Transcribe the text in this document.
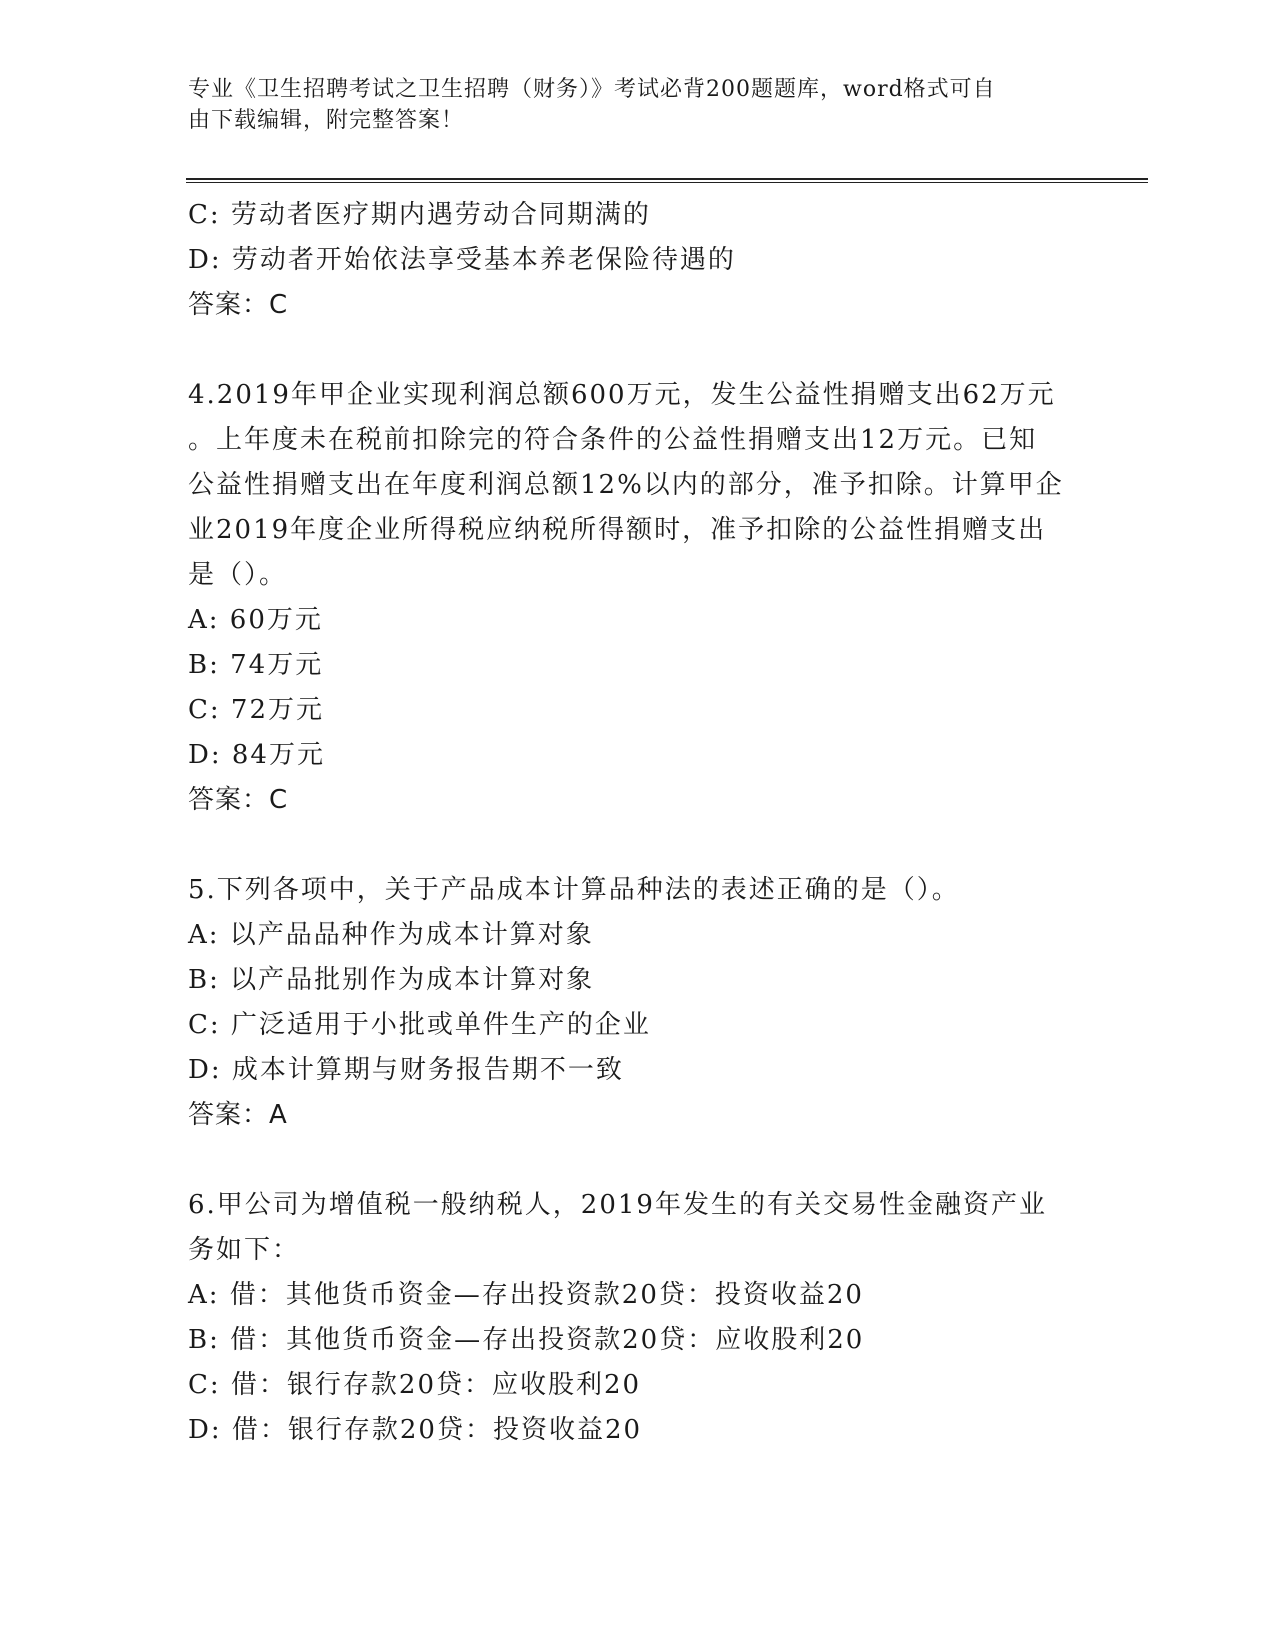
专业《卫生招聘考试之卫生招聘（财务）》考试必背200题题库，word格式可自
由下载编辑，附完整答案！
C: 劳动者医疗期内遇劳动合同期满的
D: 劳动者开始依法享受基本养老保险待遇的
答案：C
4.2019年甲企业实现利润总额600万元，发生公益性捐赠支出62万元
。上年度未在税前扣除完的符合条件的公益性捐赠支出12万元。已知
公益性捐赠支出在年度利润总额12%以内的部分，准予扣除。计算甲企
业2019年度企业所得税应纳税所得额时，准予扣除的公益性捐赠支出
是（）。
A: 60万元
B: 74万元
C: 72万元
D: 84万元
答案：C
5.下列各项中，关于产品成本计算品种法的表述正确的是（）。
A: 以产品品种作为成本计算对象
B: 以产品批别作为成本计算对象
C: 广泛适用于小批或单件生产的企业
D: 成本计算期与财务报告期不一致
答案：A
6.甲公司为增值税一般纳税人，2019年发生的有关交易性金融资产业
务如下：
A: 借：其他货币资金—存出投资款20贷：投资收益20
B: 借：其他货币资金—存出投资款20贷：应收股利20
C: 借：银行存款20贷：应收股利20
D: 借：银行存款20贷：投资收益20
